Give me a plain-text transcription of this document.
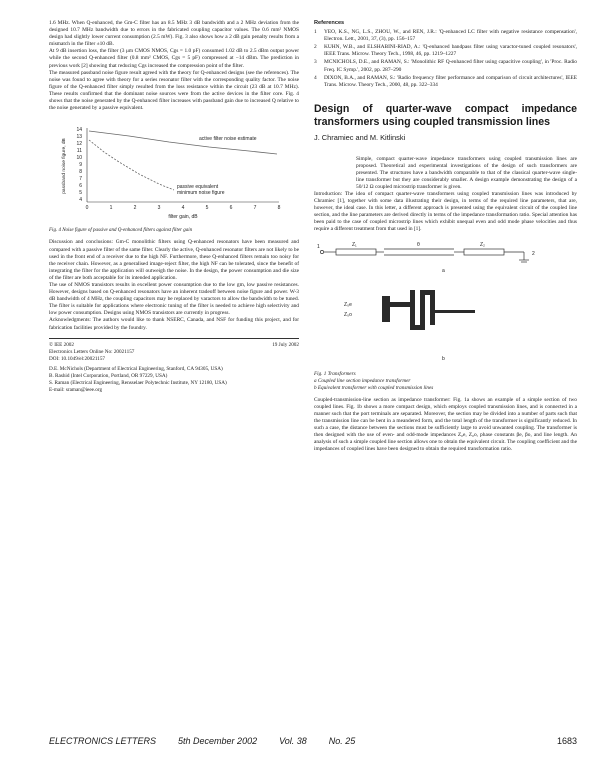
1.6 MHz. When Q-enhanced, the Gm-C filter has an 8.5 MHz 3 dB bandwidth and a 2 MHz deviation from the designed 10.7 MHz bandwidth due to errors in the fabricated coupling capacitor values. The 0.6 mm² NMOS design had slightly lower current consumption (2.5 mW). Fig. 3 also shows how a 2 dB gain penalty results from a mismatch in the filter ±10 dB.

At 9 dB insertion loss, the filter (3 μm CMOS NMOS, Cgs = 1.0 pF) consumed 1.02 dB to 2.5 dBm output power while the second Q-enhanced filter (0.8 mm² CMOS, Cgs = 5 pF) compressed at −14 dBm. The prediction in previous work [2] showing that reducing Cgs increased the compression point of the filter.

The measured passband noise figure result agreed with the theory for Q-enhanced designs (see the references). The noise was found to agree with theory for a series resonator filter with the corresponding quality factor. The noise figure of the Q-enhanced filter simply resulted from the loss resistance within the circuit (23 dB at 10.7 MHz). These results confirmed that the dominant noise sources were from the active devices in the filter core. Fig. 4 shows that the noise generated by the Q-enhanced filter increases with passband gain due to increased Q relative to the noise generated by a passive equivalent.

14
13
12
11
10
9
8
7
6
5
4
0	1	2	3	4	5	6	7	8
passband noise figure, dB
filter gain, dB
active filter noise estimate
passive equivalent
minimum noise figure
Fig. 4 Noise figure of passive and Q-enhanced filters against filter gain

Discussion and conclusions: Gm-C monolithic filters using Q-enhanced resonators have been measured and compared with a passive filter of the same filter. Clearly the active, Q-enhanced resonator filters are not likely to be used in the front end of a receiver due to the high NF. Furthermore, these Q-enhanced filters remain too noisy for the receiver chain. However, as a generalised image-reject filter, the high NF can be tolerated, since the benefit of integrating the filter for the application will outweigh the noise. In the design, the power consumption and die size of the filter are both acceptable for its intended application.

The use of NMOS transistors results in excellent power consumption due to the low gm, low passive resistances. However, designs based on Q-enhanced resonators have an inherent tradeoff between noise figure and power. W-3 dB bandwidth of 4 MHz, the coupling capacitors may be replaced by varactors to allow the bandwidth to be tuned. The filter is suitable for applications where electronic tuning of the filter is needed to achieve high selectivity and low power consumption. Designs using NMOS transistors are currently in progress.

Acknowledgments: The authors would like to thank NSERC, Canada, and NSF for funding this project, and for fabrication facilities provided by the foundry.

© IEE 2002	19 July 2002
Electronics Letters Online No: 20021157
DOI: 10.1049/el:20021157
D.E. McNichols (Department of Electrical Engineering, Stanford, CA 94305, USA)
B. Rashid (Intel Corporation, Portland, OR 97229, USA)
S. Raman (Electrical Engineering, Rensselaer Polytechnic Institute, NY 12180, USA)
E-mail: sraman@ieee.org
References
1	YEO, K.S., NG, L.S., ZHOU, W., and REN, J.R.: 'Q-enhanced LC filter with negative resistance compensation', Electron. Lett., 2001, 37, (3), pp. 156–157
2	KUHN, W.B., and ELSHABINI-RIAD, A.: 'Q-enhanced bandpass filter using varactor-tuned coupled resonators', IEEE Trans. Microw. Theory Tech., 1998, 46, pp. 1219–1227
3	MCNICHOLS, D.E., and RAMAN, S.: 'Monolithic RF Q-enhanced filter using capacitive coupling', in 'Proc. Radio Freq. IC Symp.', 2002, pp. 287–290
4	DIXON, B.A., and RAMAN, S.: 'Radio frequency filter performance and comparison of circuit architectures', IEEE Trans. Microw. Theory Tech., 2000, 48, pp. 322–334
Design of quarter-wave compact impedance transformers using coupled transmission lines
J. Chramiec and M. Kitlinski

Simple, compact quarter-wave impedance transformers using coupled transmission lines are proposed. Theoretical and experimental investigations of the design of such transformers are presented. The structures have a bandwidth comparable to that of the classical quarter-wave single-line transformer but they are considerably smaller. A design example demonstrating the design of a 50/12 Ω coupled microstrip transformer is given.

Introduction: The idea of compact quarter-wave transformers using coupled transmission lines was introduced by Chramiec [1], together with some data illustrating their design, in terms of the required line parameters, that are, however, the ideal case. In this letter, a different approach is presented using the equivalent circuit of the coupled line section, and the line parameters are derived directly in terms of the impedance transformation ratio. Special attention has been paid to the case of coupled microstrip lines which exhibit unequal even and odd mode phase velocities and thus require a different treatment from that used in [1].

1	Z₁	θ	Z₂
2
a
Z₀e
Z₀o
b
Fig. 1 Transformers
a Coupled line section impedance transformer
b Equivalent transformer with coupled transmission lines

Coupled-transmission-line section as impedance transformer: Fig. 1a shows an example of a simple section of two coupled lines. Fig. 1b shows a more compact design, which employs coupled transmission lines, and is connected in a manner such that the port terminals are separated. Moreover, the section may be divided into a number of parts such that the transmission line can be bent in a meandered form, and the total length of the transformer is significantly reduced. In such a case, the distance between the sections must be sufficiently large to avoid unwanted coupling. The transformer is then designed with the use of even- and odd-mode impedances Z₀e, Z₀o, phase constants βe, βo, and line length. An analysis of such a simple coupled line section allows one to obtain the equivalent circuit. The coupling coefficient and the impedances of coupled lines have been designed to obtain the required transformation ratio.

ELECTRONICS LETTERS 5th December 2002 Vol. 38 No. 25	1683
